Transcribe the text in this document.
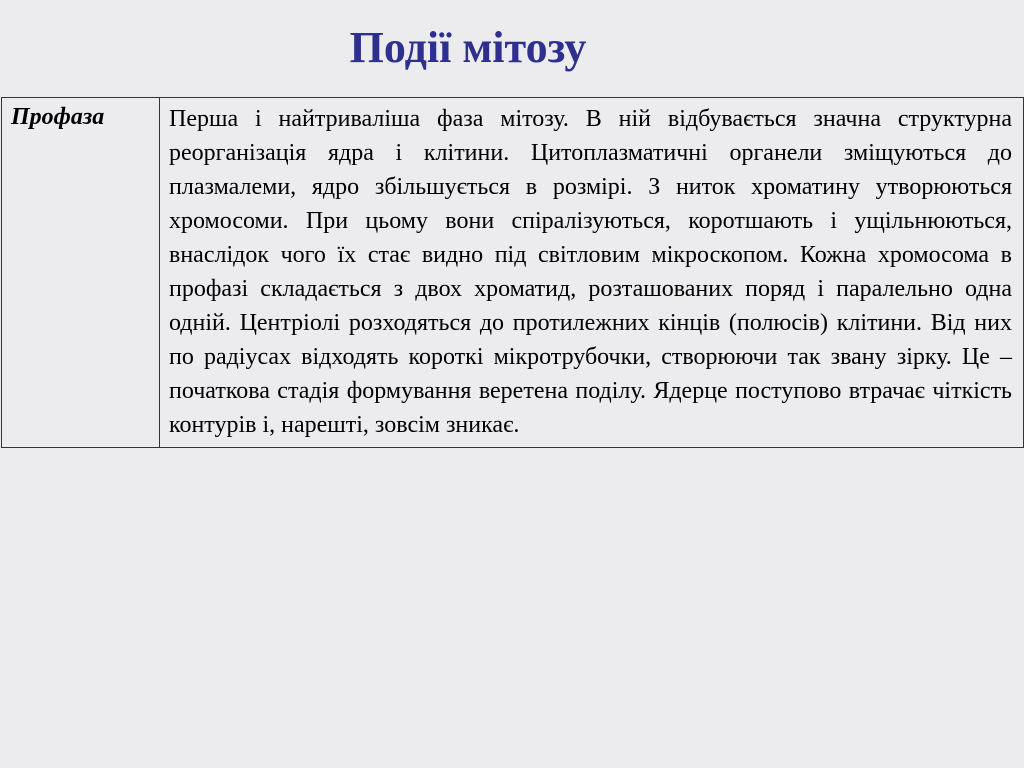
Події мітозу
Профаза	Перша і найтриваліша фаза мітозу. В ній відбувається значна структурна реорганізація ядра і клітини. Цитоплазматичні органели зміщуються до плазмалеми, ядро збільшується в розмірі. З ниток хроматину утворюються хромосоми. При цьому вони спіралізуються, коротшають і ущільнюються, внаслідок чого їх стає видно під світловим мікроскопом. Кожна хромосома в профазі складається з двох хроматид, розташованих поряд і паралельно одна одній. Центріолі розходяться до протилежних кінців (полюсів) клітини. Від них по радіусах відходять короткі мікротрубочки, створюючи так звану зірку. Це – початкова стадія формування веретена поділу. Ядерце поступово втрачає чіткість контурів і, нарешті, зовсім зникає.
